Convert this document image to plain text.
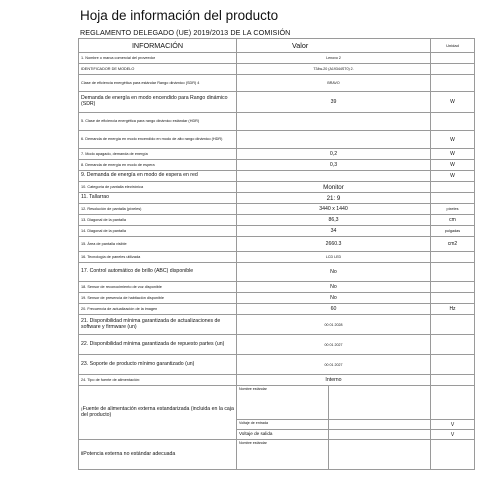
Hoja de información del producto
REGLAMENTO DELEGADO (UE) 2019/2013 DE LA COMISIÓN
INFORMACIÓN	Valor		Unidad
1. Nombre o marca comercial del proveedor	Lenovo 2		
IDENTIFICADOR DE MODELO	T34w-20 (A19344ST0) 2.		
Clase de eficiencia energética para estándar Rango dinámico (SDR) 4	BRAVO		
Demanda de energía en modo encendido para Rango dinámico (SDR)	39		W
5. Clase de eficiencia energética para rango dinámico estándar (HDR)			
6. Demanda de energía en modo encendido en modo de alto rango dinámico (HDR)			W
7. Modo apagado, demanda de energía	0,2		W
8. Demanda de energía en modo de espera	0,3		W
9. Demanda de energía en modo de espera en red			W
10. Categoría de pantalla electrónica	Monitor		
11. Tallarrao	21: 9		
12. Resolución de pantalla (píxeles)	3440 x 1440		píxeles
13. Diagonal de la pantalla	86,3		cm
14. Diagonal de la pantalla	34		pulgadas
15. Área de pantalla visible	2660.3		cm2
16. Tecnología de paneles utilizada	LCD LED		
17. Control automático de brillo (ABC) disponible	No		
18. Sensor de reconocimiento de voz disponible	No		
19. Sensor de presencia de habitación disponible	No		
20. Frecuencia de actualización de la imagen	60		Hz
21. Disponibilidad mínima garantizada de actualizaciones de software y firmware (un)	00 01 2028		
22. Disponibilidad mínima garantizada de repuesto partes (un)	00 01 2027		
23. Soporte de producto mínimo garantizado (un)	00 01 2027		
24. Tipo de fuente de alimentación:	Interno		
¡Fuente de alimentación externa estandarizada (incluida en la caja del producto)	Nombre estándar		
	Voltaje de entrada		V
	Voltaje de salida		V
iiPotencia externa no estándar adecuada	Nombre estándar		
